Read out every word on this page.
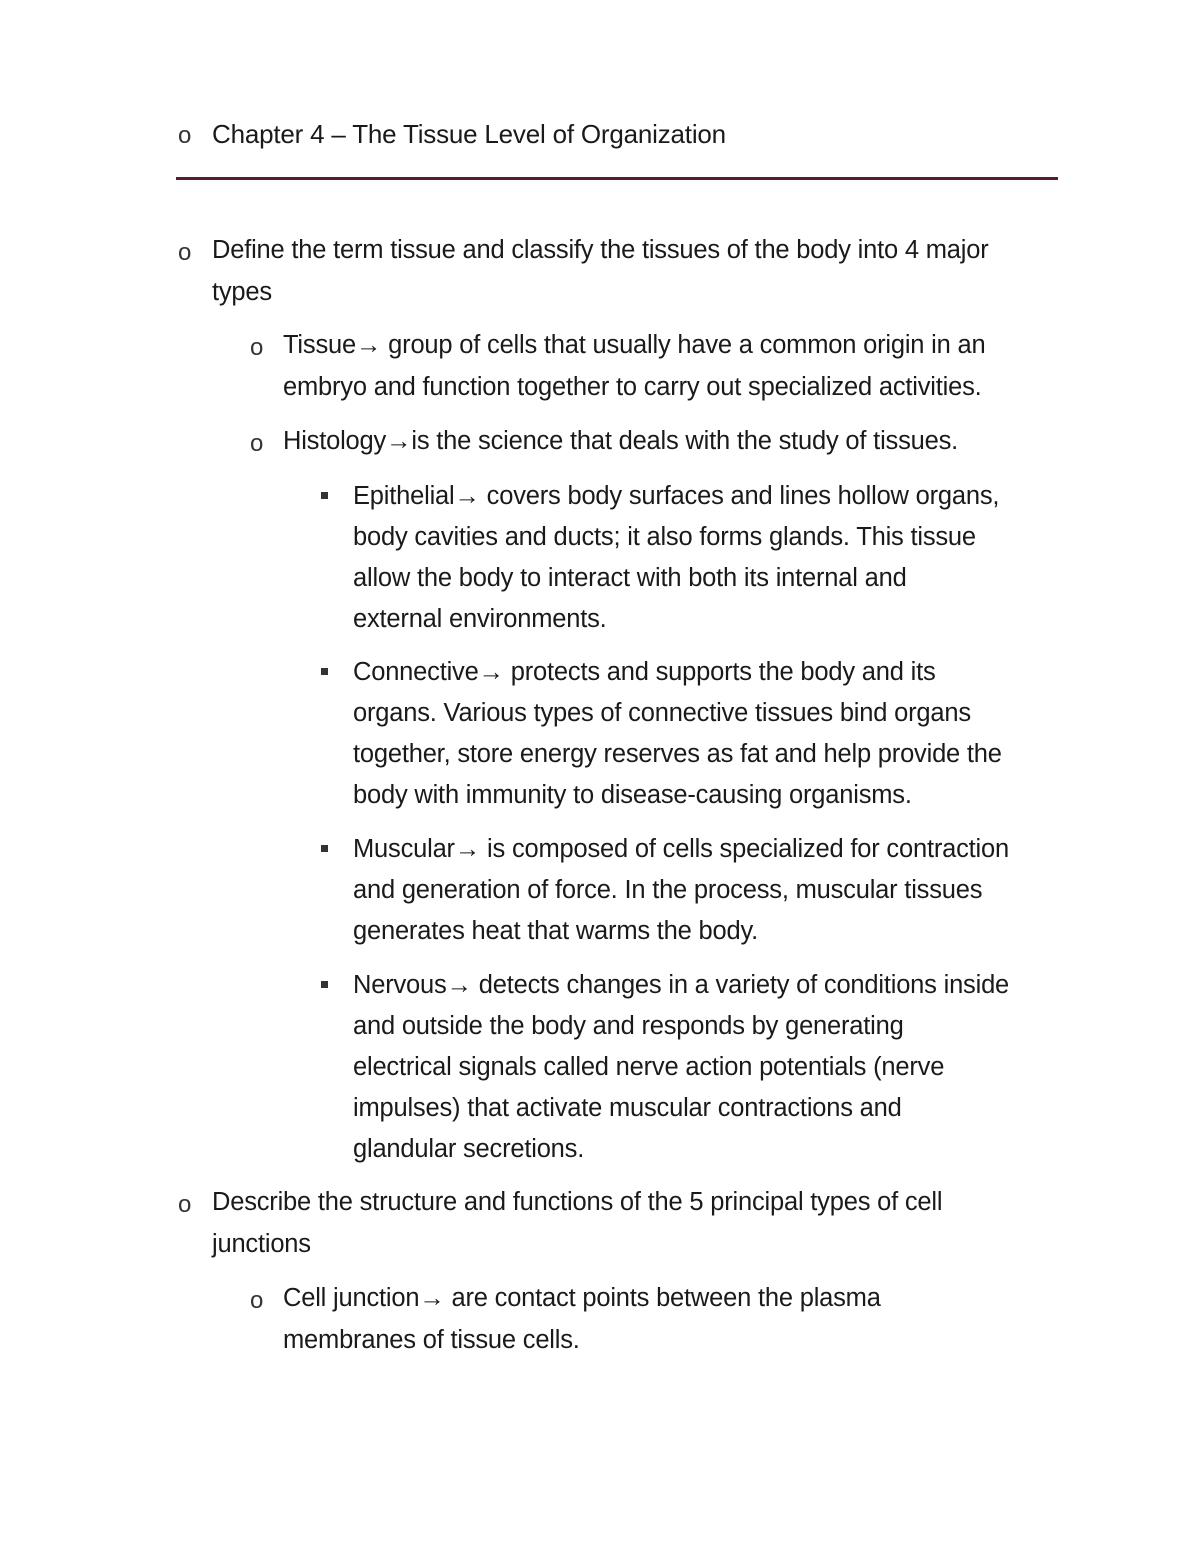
o Chapter 4 – The Tissue Level of Organization
o Define the term tissue and classify the tissues of the body into 4 major
types
o Tissue→ group of cells that usually have a common origin in an
embryo and function together to carry out specialized activities.
o Histology→is the science that deals with the study of tissues.
Epithelial→ covers body surfaces and lines hollow organs,
body cavities and ducts; it also forms glands. This tissue
allow the body to interact with both its internal and
external environments.
Connective→ protects and supports the body and its
organs. Various types of connective tissues bind organs
together, store energy reserves as fat and help provide the
body with immunity to disease-causing organisms.
Muscular→ is composed of cells specialized for contraction
and generation of force. In the process, muscular tissues
generates heat that warms the body.
Nervous→ detects changes in a variety of conditions inside
and outside the body and responds by generating
electrical signals called nerve action potentials (nerve
impulses) that activate muscular contractions and
glandular secretions.
o Describe the structure and functions of the 5 principal types of cell
junctions
o Cell junction→ are contact points between the plasma
membranes of tissue cells.
